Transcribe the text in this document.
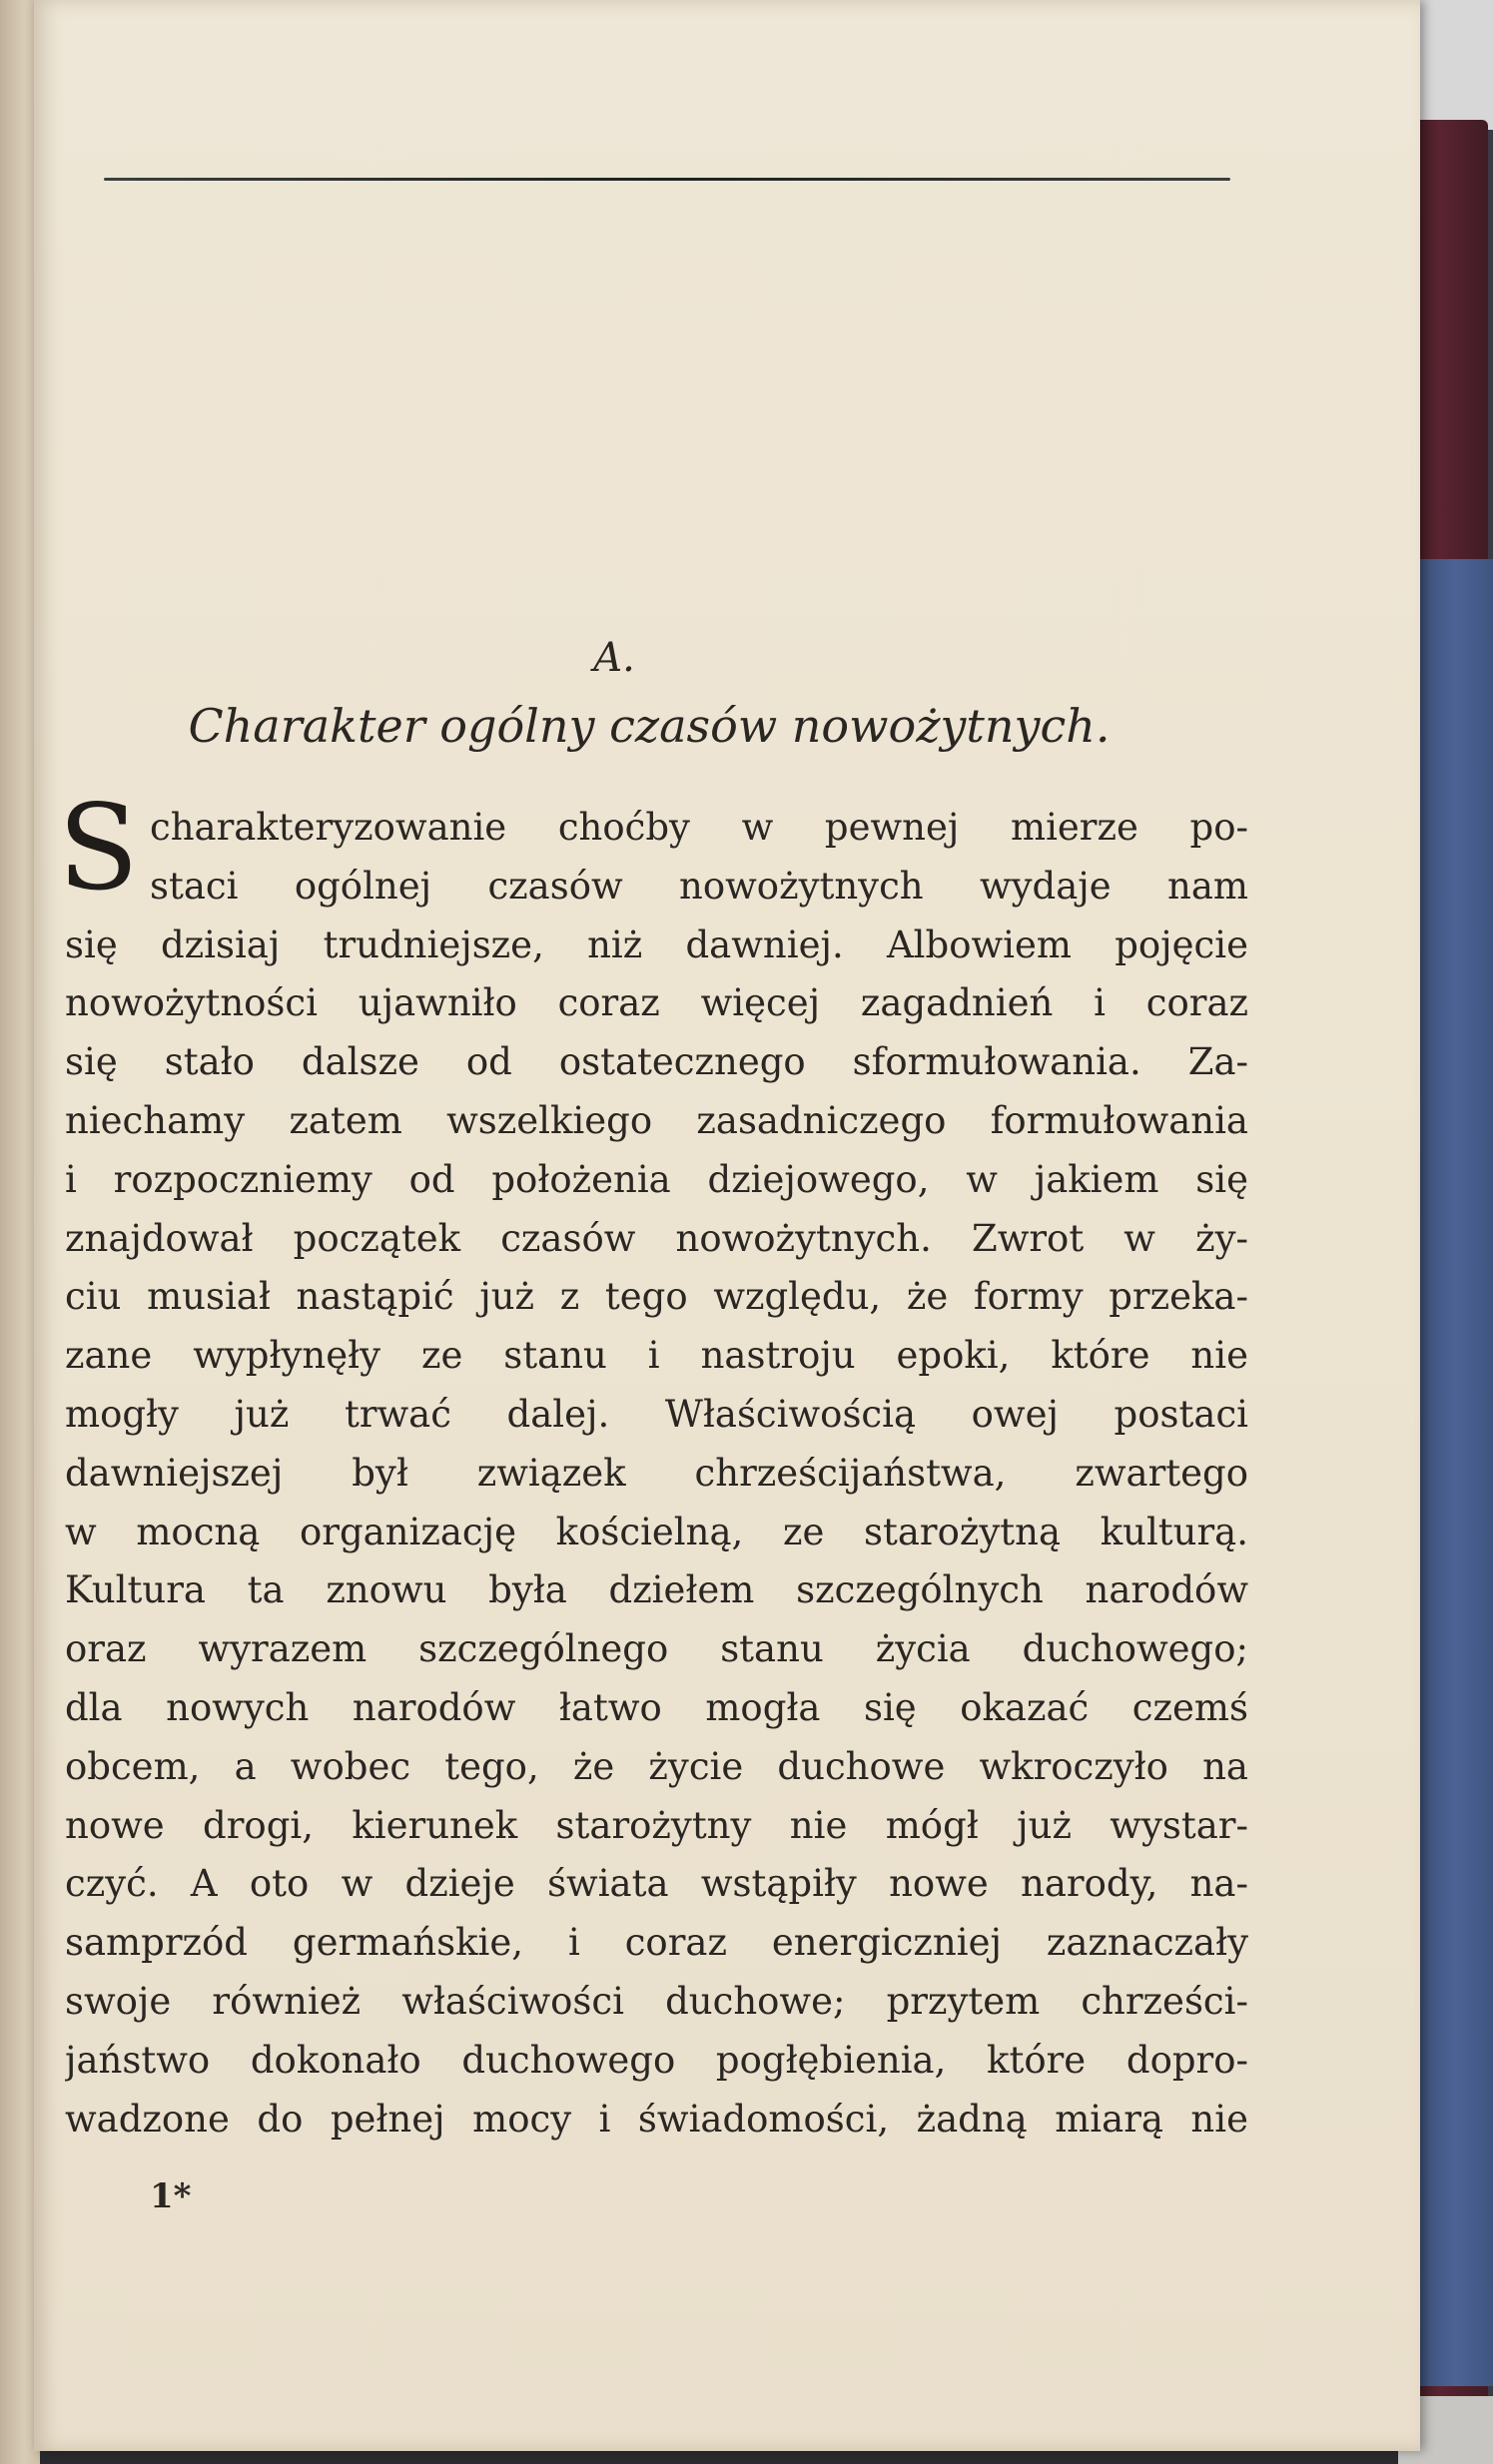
A.
Charakter ogólny czasów nowożytnych.
S charakteryzowanie choćby w pewnej mierze po-
staci ogólnej czasów nowożytnych wydaje nam
się dzisiaj trudniejsze, niż dawniej. Albowiem pojęcie
nowożytności ujawniło coraz więcej zagadnień i coraz
się stało dalsze od ostatecznego sformułowania. Za-
niechamy zatem wszelkiego zasadniczego formułowania
i rozpoczniemy od położenia dziejowego, w jakiem się
znajdował początek czasów nowożytnych. Zwrot w ży-
ciu musiał nastąpić już z tego względu, że formy przeka-
zane wypłynęły ze stanu i nastroju epoki, które nie
mogły już trwać dalej. Właściwością owej postaci
dawniejszej był związek chrześcijaństwa, zwartego
w mocną organizację kościelną, ze starożytną kulturą.
Kultura ta znowu była dziełem szczególnych narodów
oraz wyrazem szczególnego stanu życia duchowego;
dla nowych narodów łatwo mogła się okazać czemś
obcem, a wobec tego, że życie duchowe wkroczyło na
nowe drogi, kierunek starożytny nie mógł już wystar-
czyć. A oto w dzieje świata wstąpiły nowe narody, na-
samprzód germańskie, i coraz energiczniej zaznaczały
swoje również właściwości duchowe; przytem chrześci-
jaństwo dokonało duchowego pogłębienia, które dopro-
wadzone do pełnej mocy i świadomości, żadną miarą nie
1*
